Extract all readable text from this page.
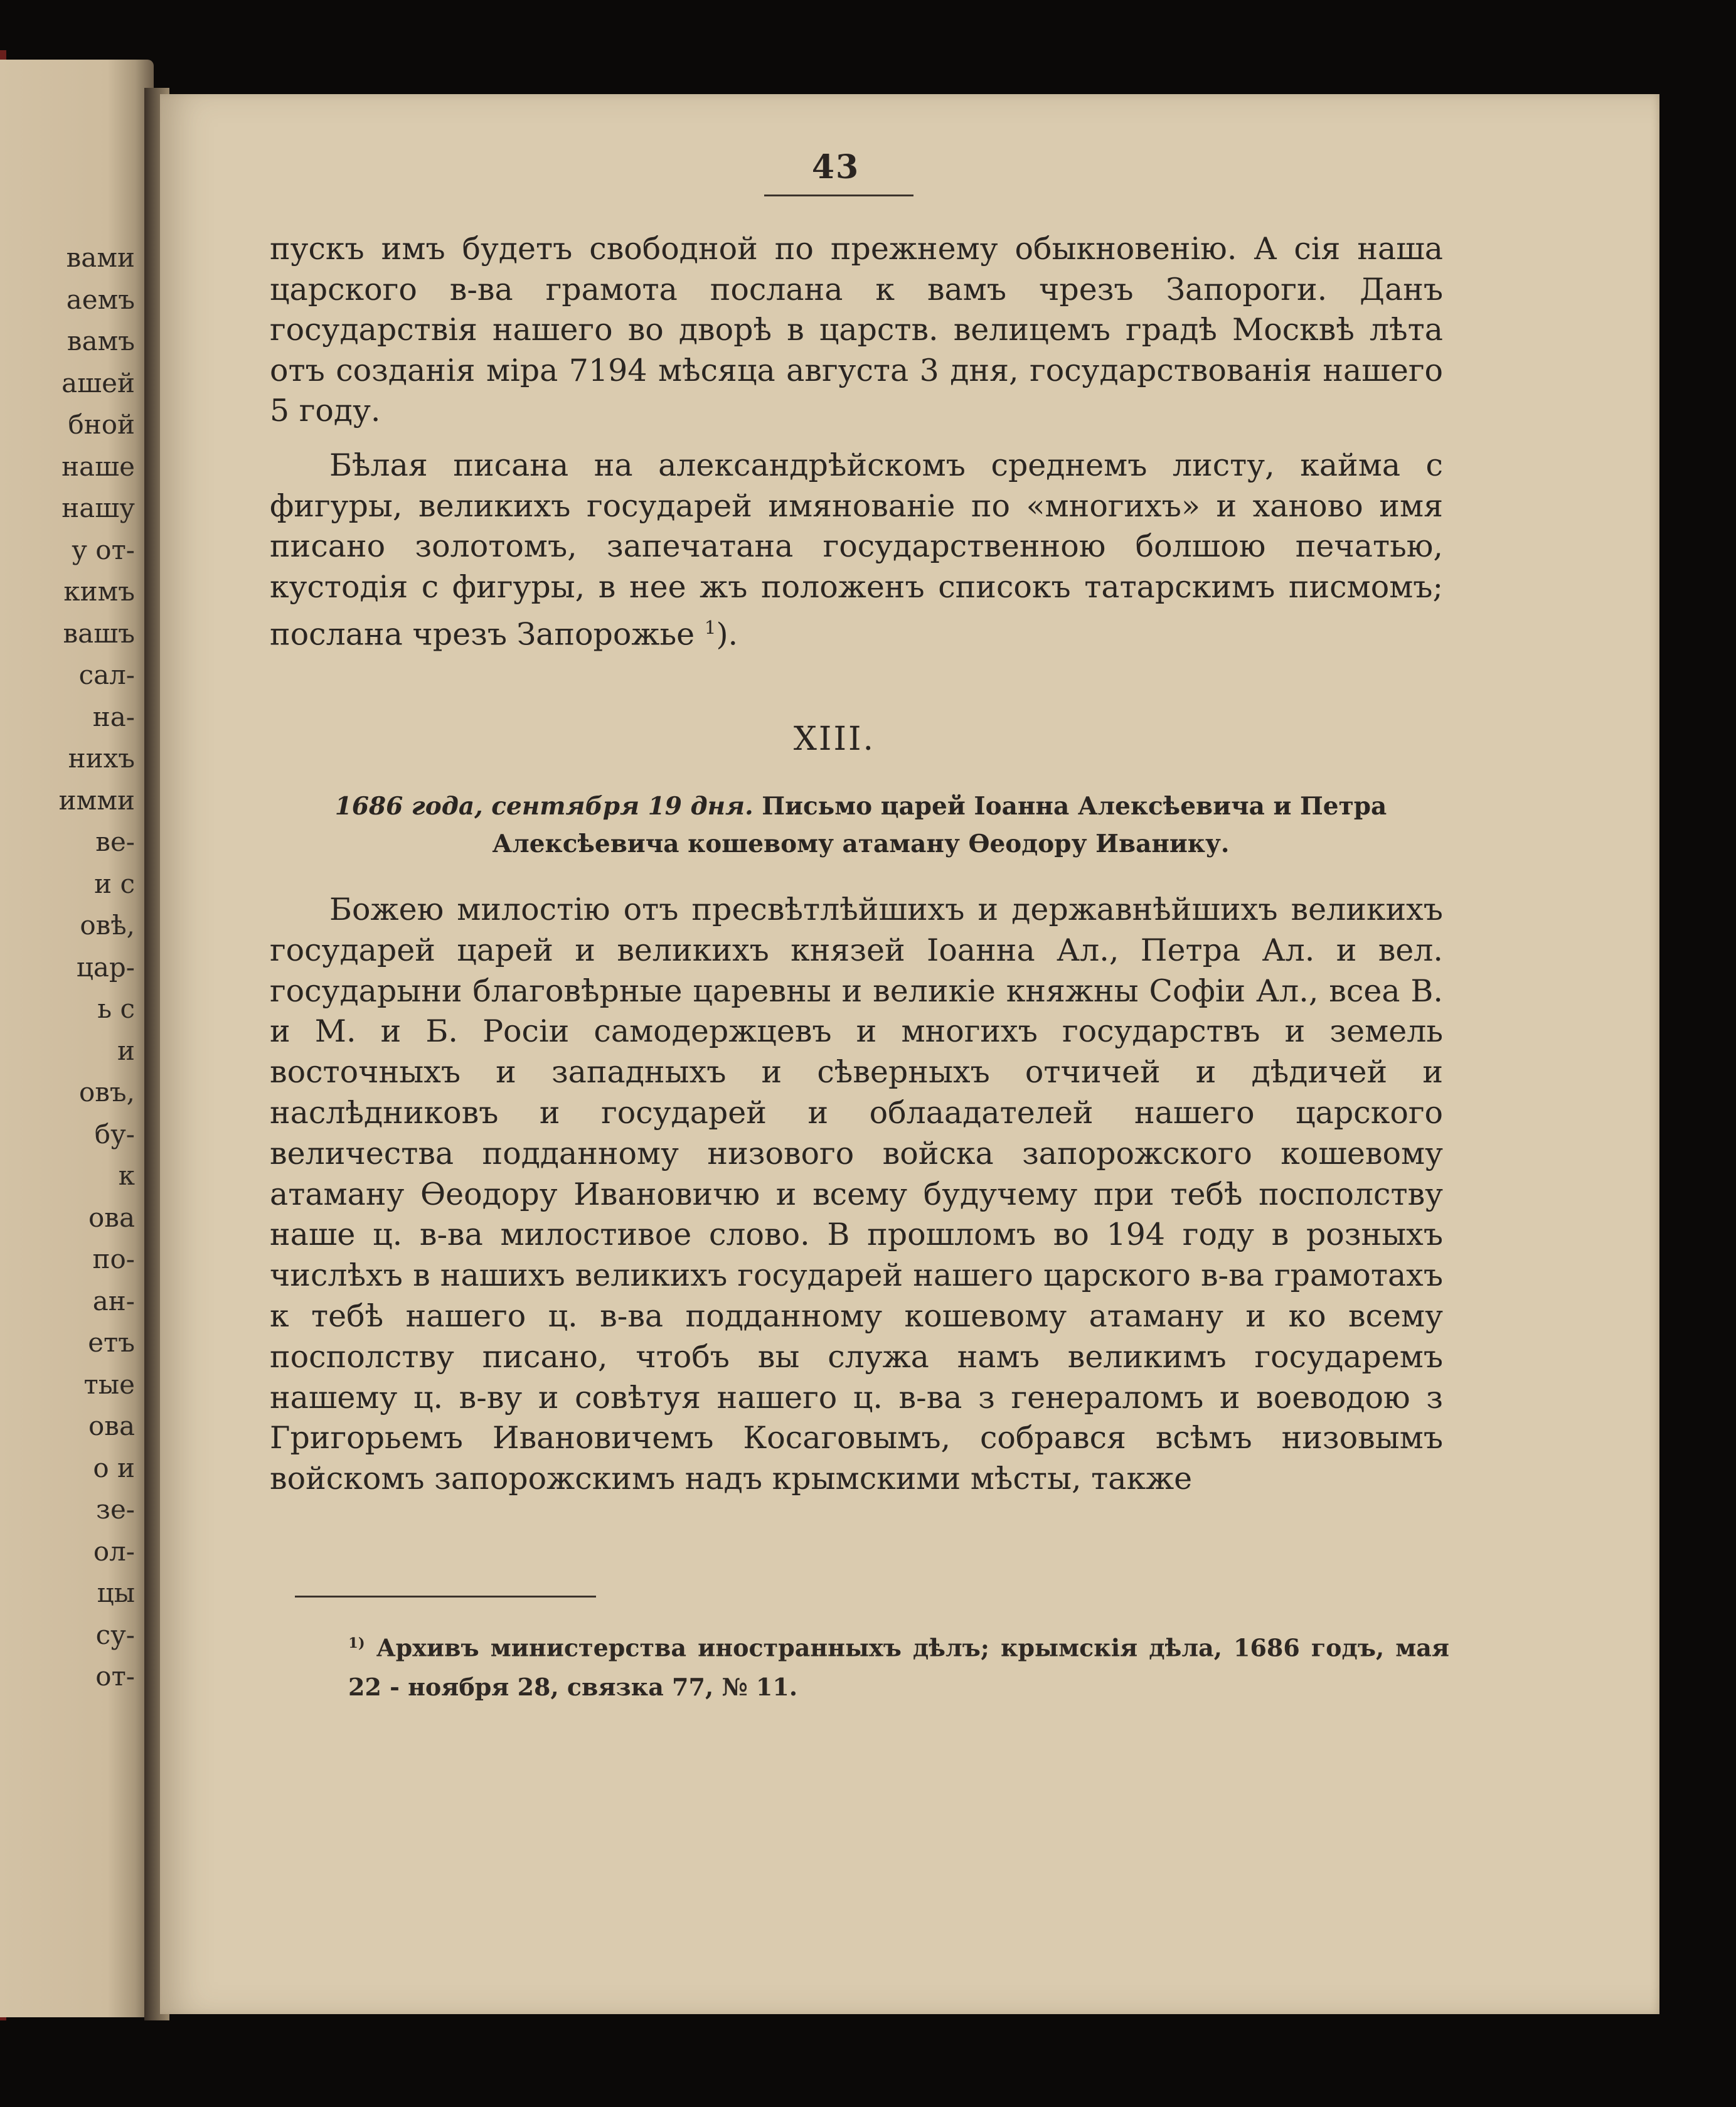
вами
аемъ
вамъ
ашей
бной
наше
нашу
у от-
кимъ
вашъ
сал-
на-
нихъ
имми
ве-
и с
овѣ,
цар-
ь с
и
овъ,
бу-
к
ова
по-
ан-
етъ
тые
ова
о и
зе-
ол-
цы
су-
от-
43

пускъ имъ будетъ свободной по прежнему обыкновенію. А сія наша царского в-ва грамота послана к вамъ чрезъ Запороги. Данъ государствія нашего во дворѣ в царств. велицемъ градѣ Москвѣ лѣта отъ созданія міра 7194 мѣсяца августа 3 дня, государствованія нашего 5 году.

Бѣлая писана на александрѣйскомъ среднемъ листу, кайма с фигуры, великихъ государей имянованіе по «многихъ» и ханово имя писано золотомъ, запечатана государственною болшою печатью, кустодія с фигуры, в нее жъ положенъ списокъ татарскимъ писмомъ; послана чрезъ Запорожье $^1$).

XIII.
1686 года, сентября 19 дня. Письмо царей Іоанна Алексѣевича и Петра Алексѣевича кошевому атаману Ѳеодору Иванику.

Божею милостію отъ пресвѣтлѣйшихъ и державнѣйшихъ великихъ государей царей и великихъ князей Іоанна Ал., Петра Ал. и вел. государыни благовѣрные царевны и великіе княжны Софіи Ал., всеа В. и М. и Б. Росіи самодержцевъ и многихъ государствъ и земель восточныхъ и западныхъ и сѣверныхъ отчичей и дѣдичей и наслѣдниковъ и государей и облаадателей нашего царского величества подданному низового войска запорожского кошевому атаману Ѳеодору Ивановичю и всему будучему при тебѣ посполству наше ц. в-ва милостивое слово. В прошломъ во 194 году в розныхъ числѣхъ в нашихъ великихъ государей нашего царского в-ва грамотахъ к тебѣ нашего ц. в-ва подданному кошевому атаману и ко всему посполству писано, чтобъ вы служа намъ великимъ государемъ нашему ц. в-ву и совѣтуя нашего ц. в-ва з генераломъ и воеводою з Григорьемъ Ивановичемъ Косаговымъ, собрався всѣмъ низовымъ войскомъ запорожскимъ надъ крымскими мѣсты, также

$^{1)}$ Архивъ министерства иностранныхъ дѣлъ; крымскія дѣла, 1686 годъ, мая 22 - ноября 28, связка 77, № 11.
